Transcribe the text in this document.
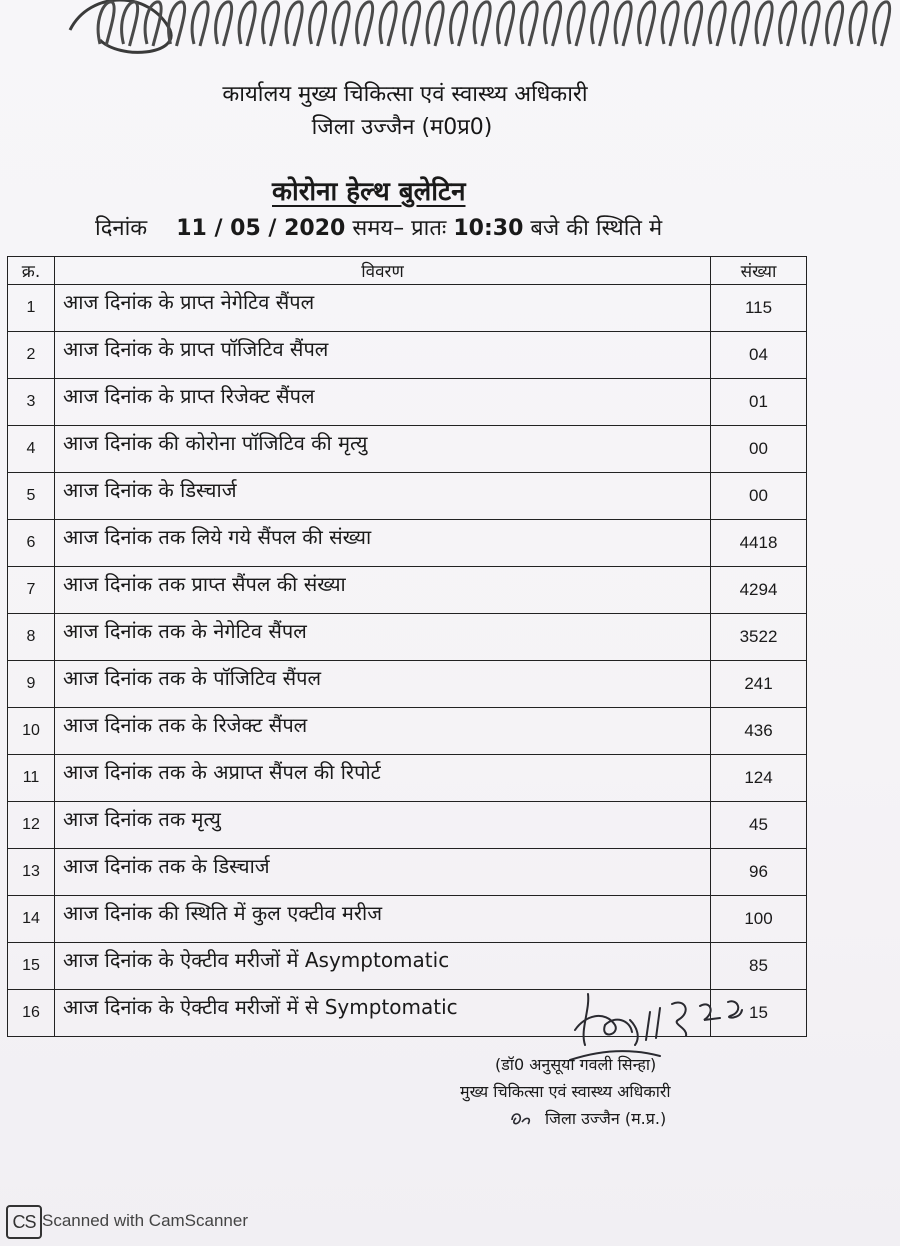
कार्यालय मुख्य चिकित्सा एवं स्वास्थ्य अधिकारी
जिला उज्जैन (म0प्र0)
कोरोना हेल्थ बुलेटिन
दिनांक 11 / 05 / 2020 समय– प्रातः 10:30 बजे की स्थिति मे
क्र.	विवरण	संख्या
1	आज दिनांक के प्राप्त नेगेटिव सैंपल	115
2	आज दिनांक के प्राप्त पॉजिटिव सैंपल	04
3	आज दिनांक के प्राप्त रिजेक्ट सैंपल	01
4	आज दिनांक की कोरोना पॉजिटिव की मृत्यु	00
5	आज दिनांक के डिस्चार्ज	00
6	आज दिनांक तक लिये गये सैंपल की संख्या	4418
7	आज दिनांक तक प्राप्त सैंपल की संख्या	4294
8	आज दिनांक तक के नेगेटिव सैंपल	3522
9	आज दिनांक तक के पॉजिटिव सैंपल	241
10	आज दिनांक तक के रिजेक्ट सैंपल	436
11	आज दिनांक तक के अप्राप्त सैंपल की रिपोर्ट	124
12	आज दिनांक तक मृत्यु	45
13	आज दिनांक तक के डिस्चार्ज	96
14	आज दिनांक की स्थिति में कुल एक्टीव मरीज	100
15	आज दिनांक के ऐक्टीव मरीजों में Asymptomatic	85
16	आज दिनांक के ऐक्टीव मरीजों में से Symptomatic	15
(डॉ0 अनुसूया गवली सिन्हा)
मुख्य चिकित्सा एवं स्वास्थ्य अधिकारी
जिला उज्जैन (म.प्र.)
CS Scanned with CamScanner
